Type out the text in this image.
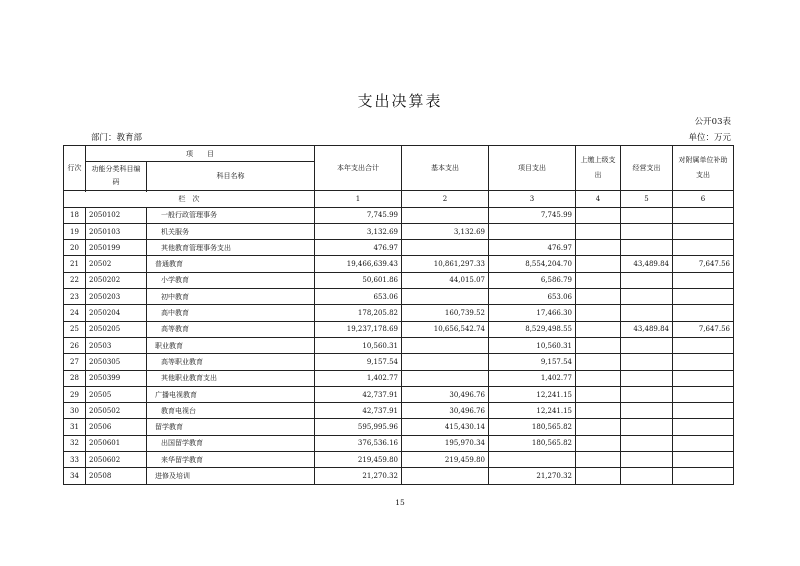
支出决算表
公开03表
部门：教育部	单位：万元
行次	项　　目		本年支出合计	基本支出	项目支出	上缴上级支出	经营支出	对附属单位补助支出
	功能分类科目编码	科目名称						

栏　次			1	2	3	4	5	6
18	2050102	一般行政管理事务	7,745.99		7,745.99			
19	2050103	机关服务	3,132.69	3,132.69				
20	2050199	其他教育管理事务支出	476.97		476.97			
21	20502	普通教育	19,466,639.43	10,861,297.33	8,554,204.70		43,489.84	7,647.56
22	2050202	小学教育	50,601.86	44,015.07	6,586.79			
23	2050203	初中教育	653.06		653.06			
24	2050204	高中教育	178,205.82	160,739.52	17,466.30			
25	2050205	高等教育	19,237,178.69	10,656,542.74	8,529,498.55		43,489.84	7,647.56
26	20503	职业教育	10,560.31		10,560.31			
27	2050305	高等职业教育	9,157.54		9,157.54			
28	2050399	其他职业教育支出	1,402.77		1,402.77			
29	20505	广播电视教育	42,737.91	30,496.76	12,241.15			
30	2050502	教育电视台	42,737.91	30,496.76	12,241.15			
31	20506	留学教育	595,995.96	415,430.14	180,565.82			
32	2050601	出国留学教育	376,536.16	195,970.34	180,565.82			
33	2050602	来华留学教育	219,459.80	219,459.80				
34	20508	进修及培训	21,270.32		21,270.32			
15
